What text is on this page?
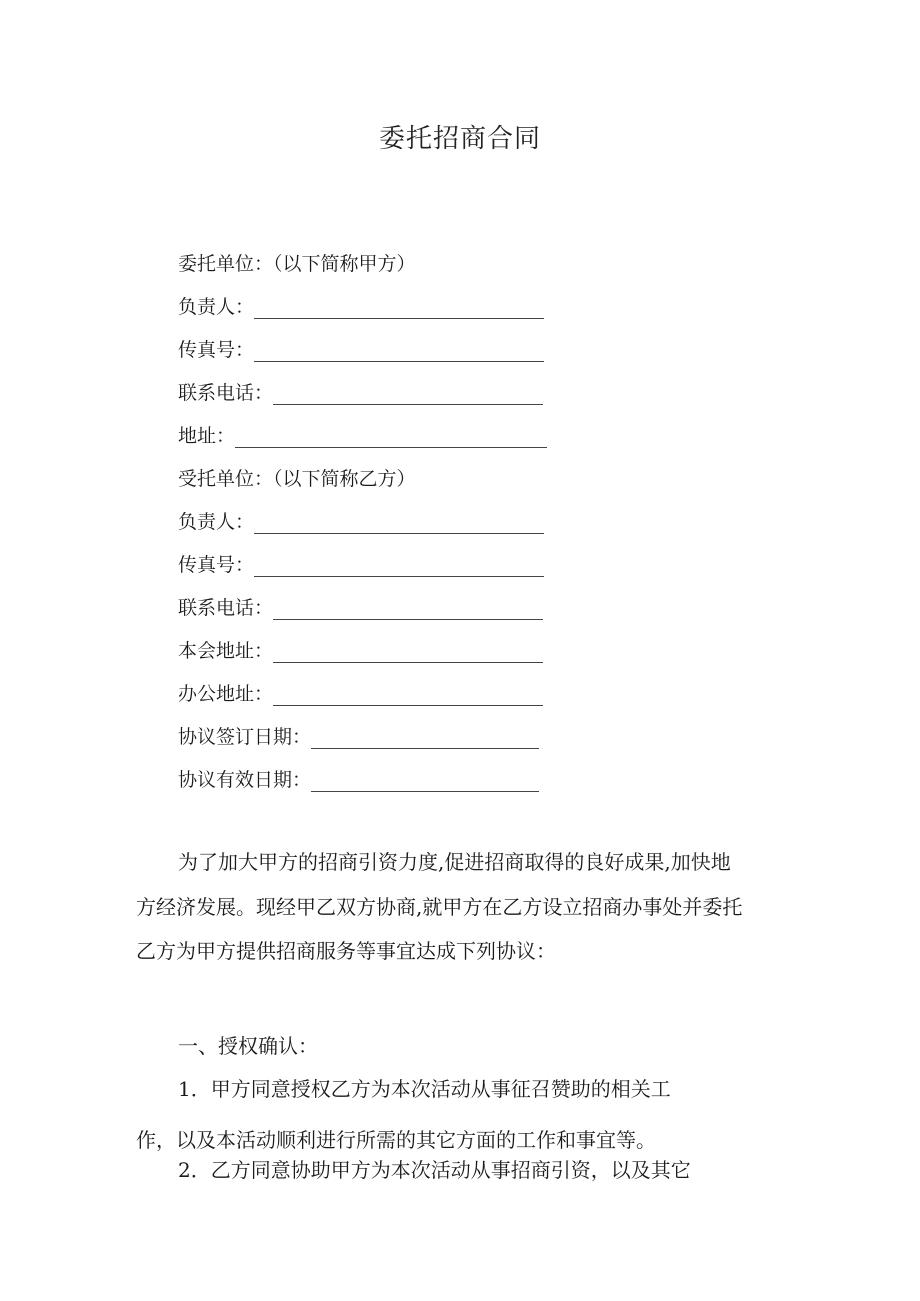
委托招商合同
委托单位：（以下简称甲方）
负责人：
传真号：
联系电话：
地址：
受托单位：（以下简称乙方）
负责人：
传真号：
联系电话：
本会地址：
办公地址：
协议签订日期：
协议有效日期：
为了加大甲方的招商引资力度,促进招商取得的良好成果,加快地
方经济发展。现经甲乙双方协商,就甲方在乙方设立招商办事处并委托
乙方为甲方提供招商服务等事宜达成下列协议：
一、授权确认：
1．甲方同意授权乙方为本次活动从事征召赞助的相关工
作，以及本活动顺利进行所需的其它方面的工作和事宜等。
2．乙方同意协助甲方为本次活动从事招商引资，以及其它
